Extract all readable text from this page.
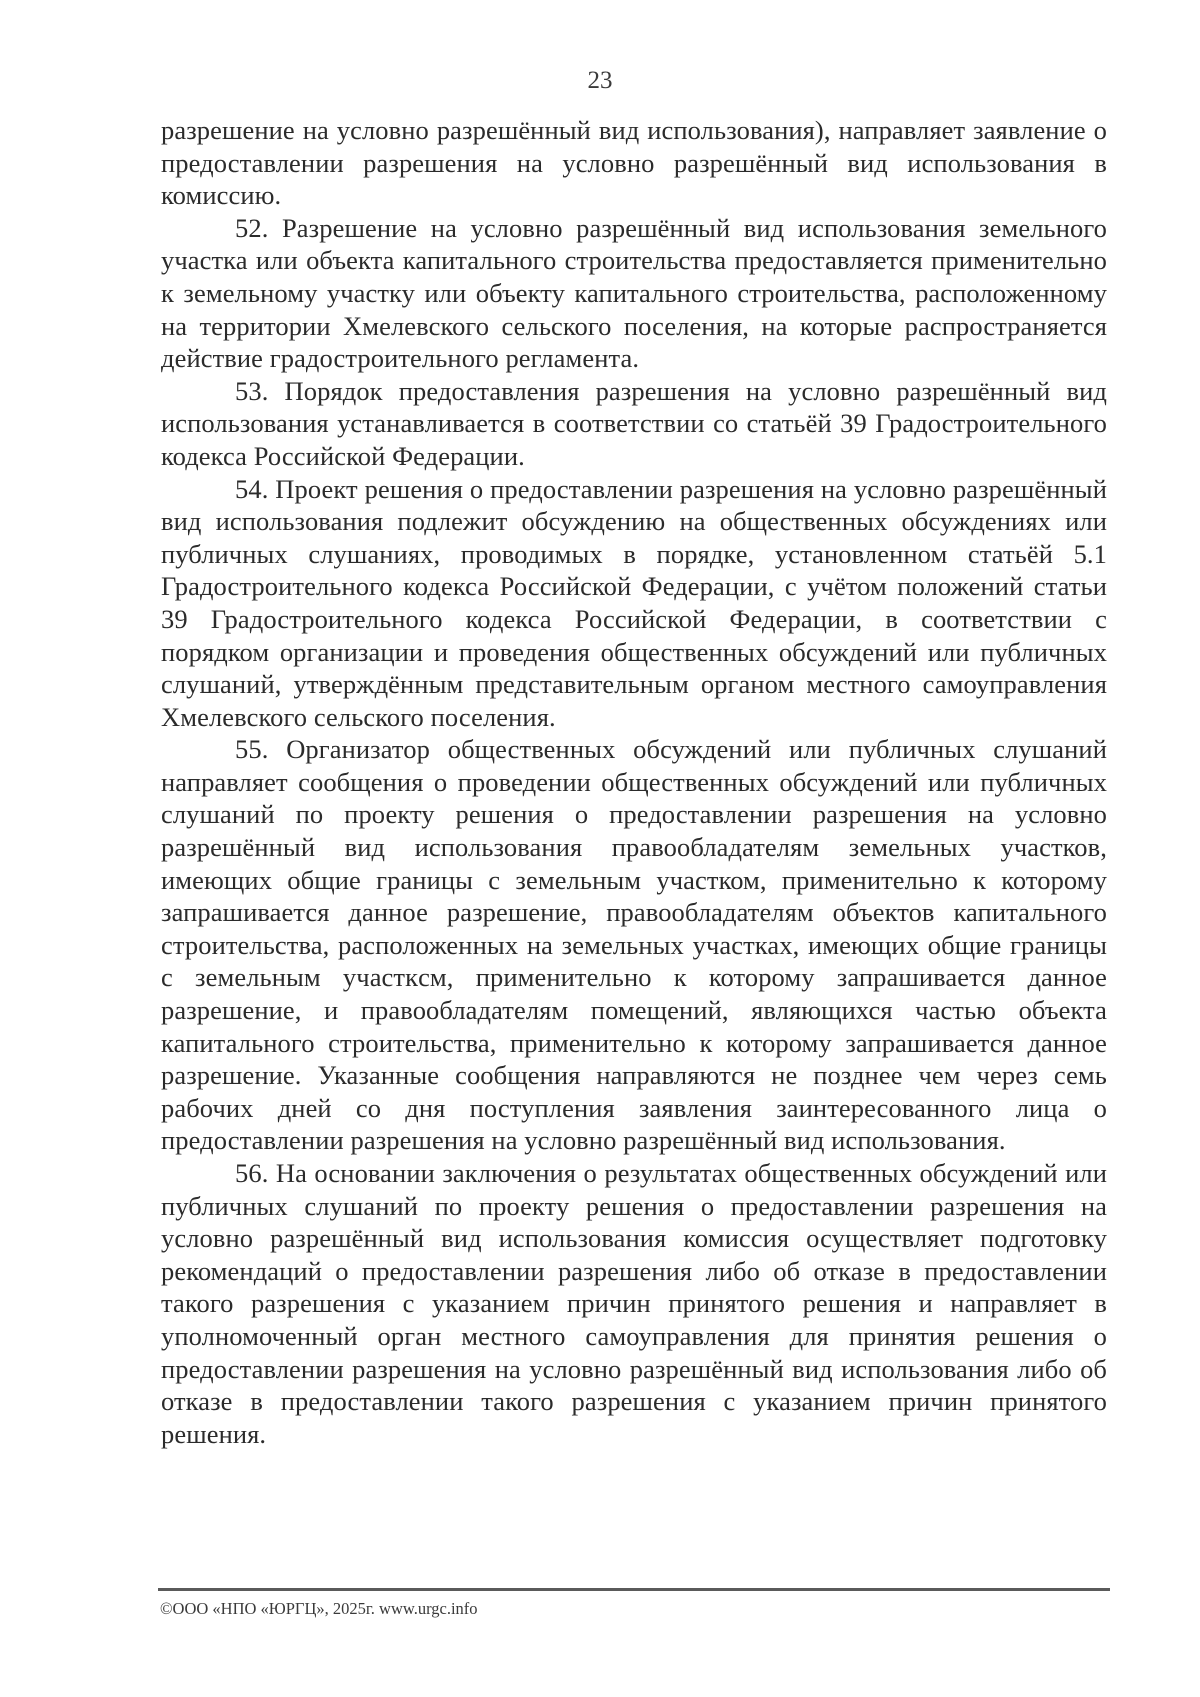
23

разрешение на условно разрешённый вид использования), направляет заявление о предоставлении разрешения на условно разрешённый вид использования в комиссию.

52. Разрешение на условно разрешённый вид использования земельного участка или объекта капитального строительства предоставляется применительно к земельному участку или объекту капитального строительства, расположенному на территории Хмелевского сельского поселения, на которые распространяется действие градостроительного регламента.

53. Порядок предоставления разрешения на условно разрешённый вид использования устанавливается в соответствии со статьёй 39 Градостроительного кодекса Российской Федерации.

54. Проект решения о предоставлении разрешения на условно разрешённый вид использования подлежит обсуждению на общественных обсуждениях или публичных слушаниях, проводимых в порядке, установленном статьёй 5.1 Градостроительного кодекса Российской Федерации, с учётом положений статьи 39 Градостроительного кодекса Российской Федерации, в соответствии с порядком организации и проведения общественных обсуждений или публичных слушаний, утверждённым представительным органом местного самоуправления Хмелевского сельского поселения.

55. Организатор общественных обсуждений или публичных слушаний направляет сообщения о проведении общественных обсуждений или публичных слушаний по проекту решения о предоставлении разрешения на условно разрешённый вид использования правообладателям земельных участков, имеющих общие границы с земельным участком, применительно к которому запрашивается данное разрешение, правообладателям объектов капитального строительства, расположенных на земельных участках, имеющих общие границы с земельным участкcм, применительно к которому запрашивается данное разрешение, и правообладателям помещений, являющихся частью объекта капитального строительства, применительно к которому запрашивается данное разрешение. Указанные сообщения направляются не позднее чем через семь рабочих дней со дня поступления заявления заинтересованного лица о предоставлении разрешения на условно разрешённый вид использования.

56. На основании заключения о результатах общественных обсуждений или публичных слушаний по проекту решения о предоставлении разрешения на условно разрешённый вид использования комиссия осуществляет подготовку рекомендаций о предоставлении разрешения либо об отказе в предоставлении такого разрешения с указанием причин принятого решения и направляет в уполномоченный орган местного самоуправления для принятия решения о предоставлении разрешения на условно разрешённый вид использования либо об отказе в предоставлении такого разрешения с указанием причин принятого решения.

©ООО «НПО «ЮРГЦ», 2025г. www.urgc.info
